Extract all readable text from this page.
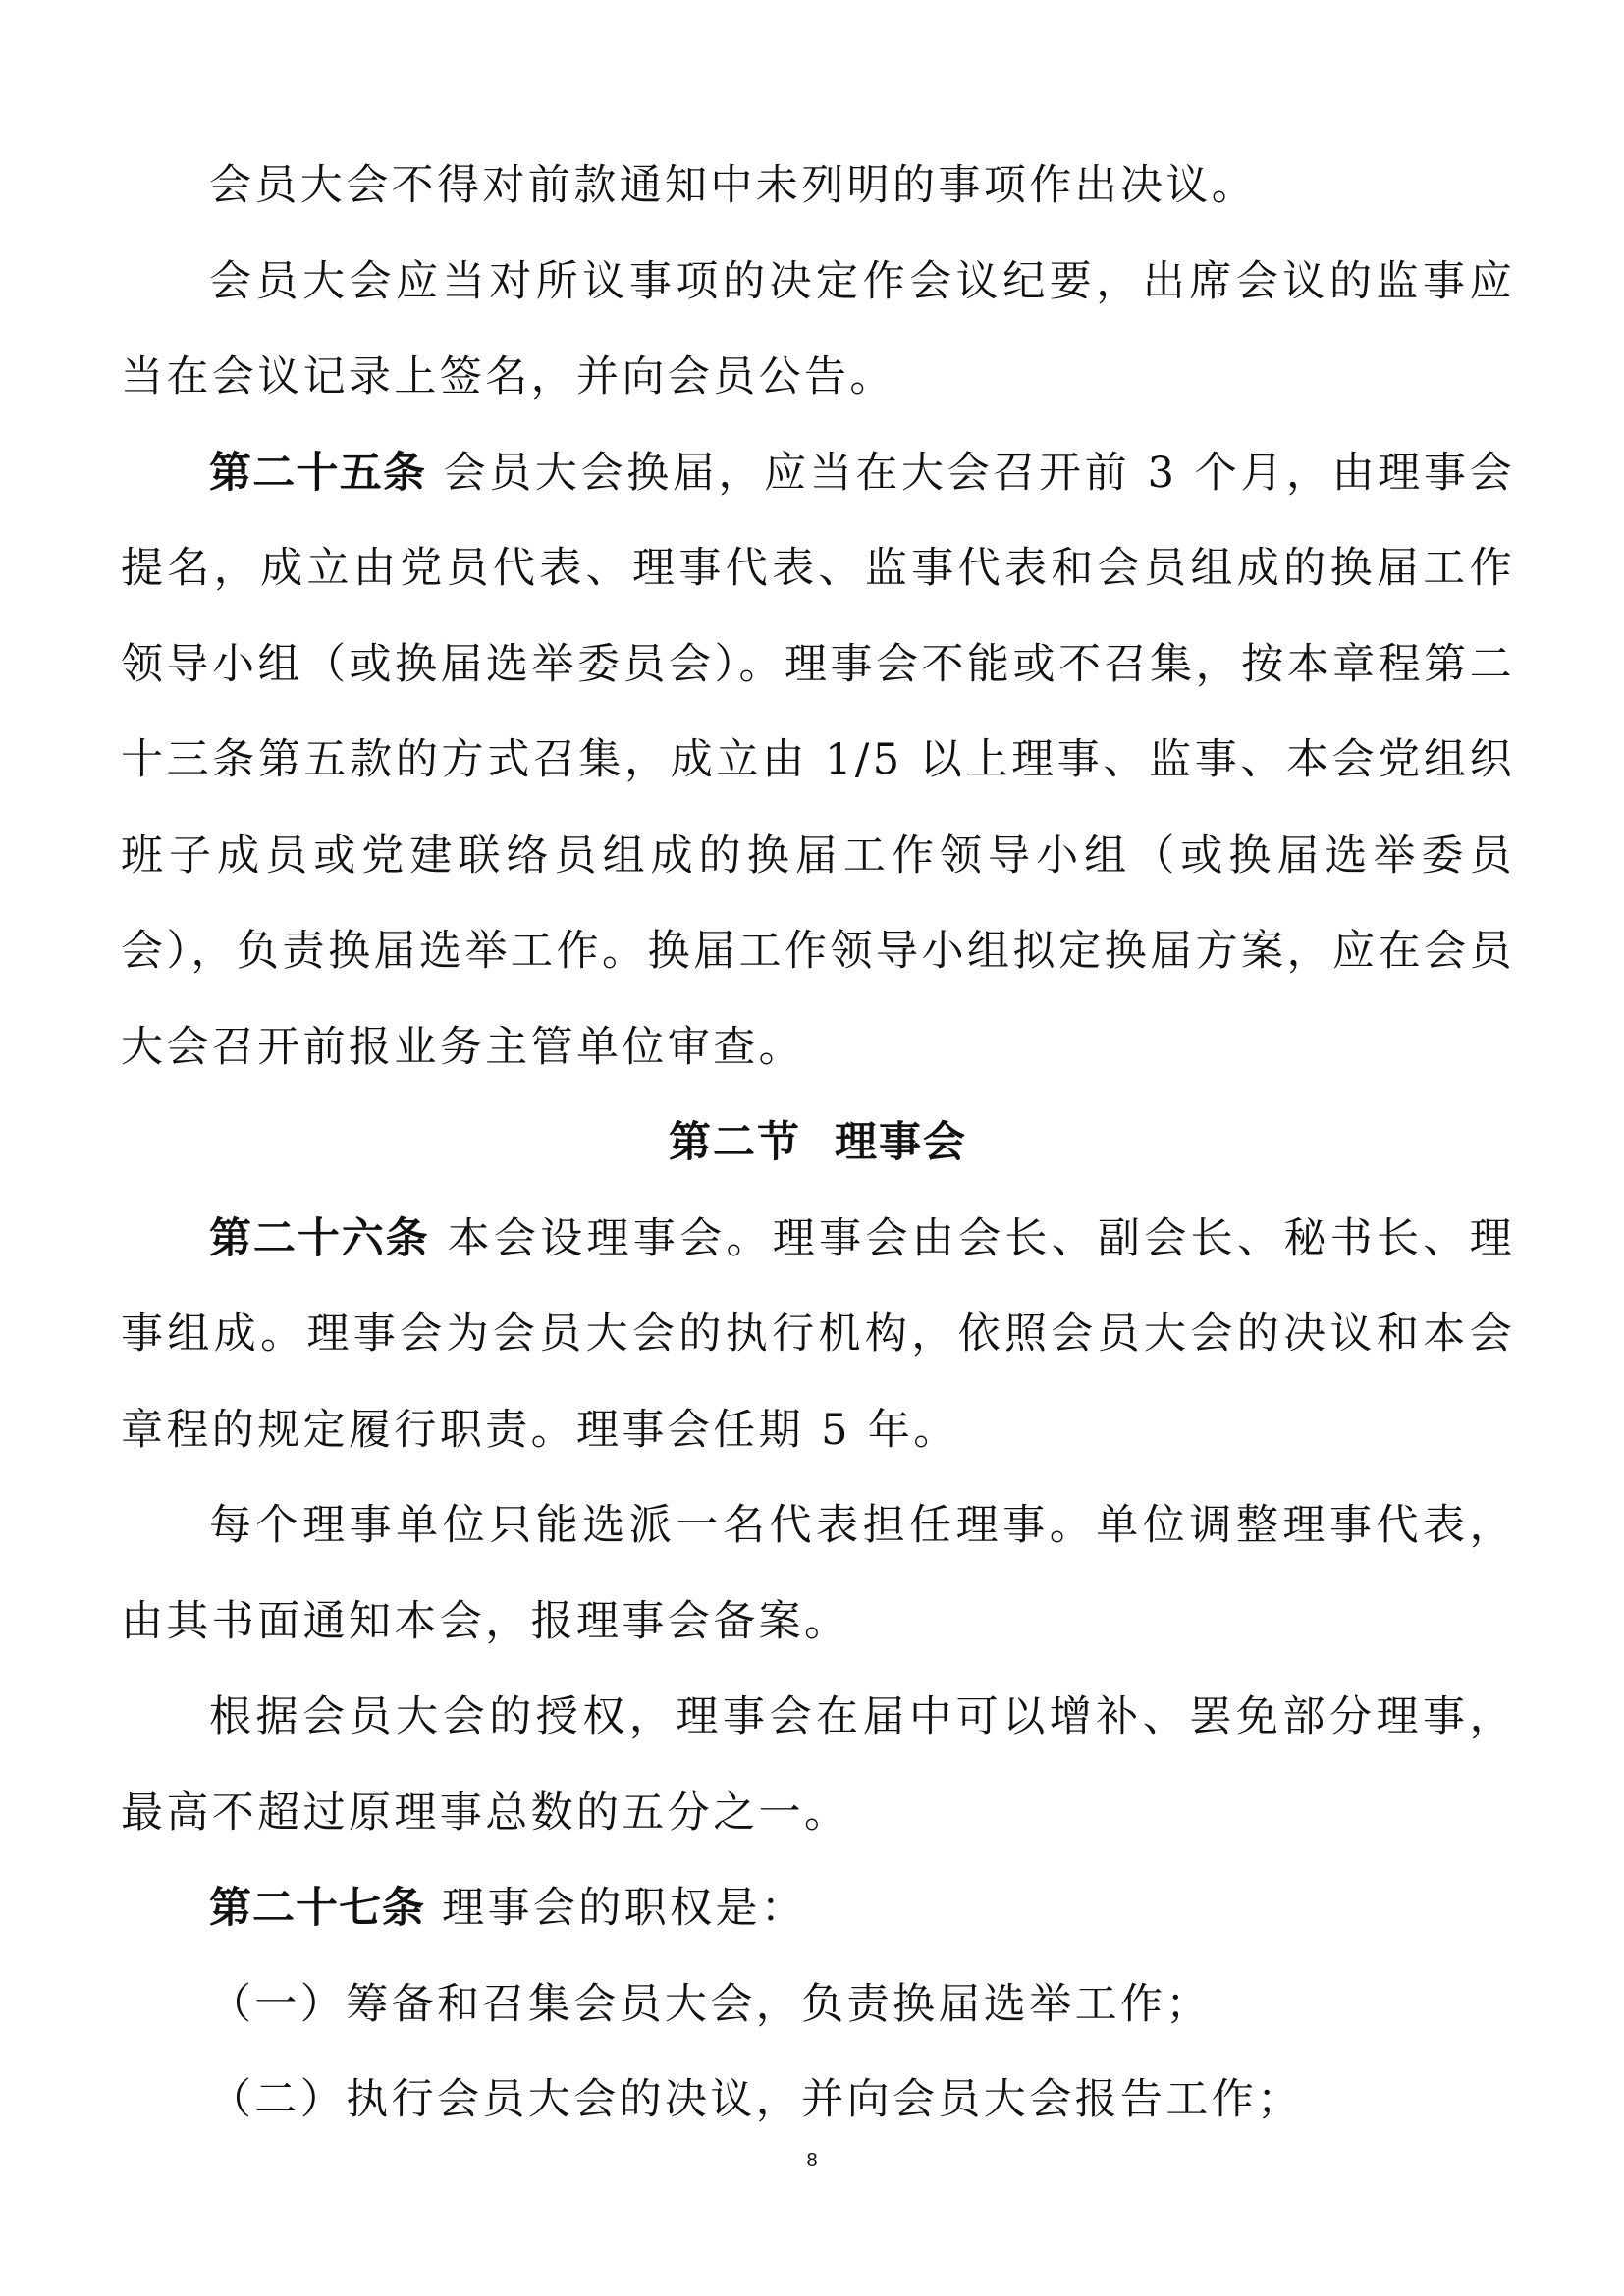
会员大会不得对前款通知中未列明的事项作出决议。

会员大会应当对所议事项的决定作会议纪要，出席会议的监事应当在会议记录上签名，并向会员公告。

第二十五条 会员大会换届，应当在大会召开前 3 个月，由理事会提名，成立由党员代表、理事代表、监事代表和会员组成的换届工作领导小组（或换届选举委员会）。理事会不能或不召集，按本章程第二十三条第五款的方式召集，成立由 1/5 以上理事、监事、本会党组织班子成员或党建联络员组成的换届工作领导小组（或换届选举委员会），负责换届选举工作。换届工作领导小组拟定换届方案，应在会员大会召开前报业务主管单位审查。

第二节  理事会

第二十六条 本会设理事会。理事会由会长、副会长、秘书长、理事组成。理事会为会员大会的执行机构，依照会员大会的决议和本会章程的规定履行职责。理事会任期 5 年。

每个理事单位只能选派一名代表担任理事。单位调整理事代表，由其书面通知本会，报理事会备案。

根据会员大会的授权，理事会在届中可以增补、罢免部分理事，最高不超过原理事总数的五分之一。

第二十七条 理事会的职权是：

（一）筹备和召集会员大会，负责换届选举工作；

（二）执行会员大会的决议，并向会员大会报告工作；

8
